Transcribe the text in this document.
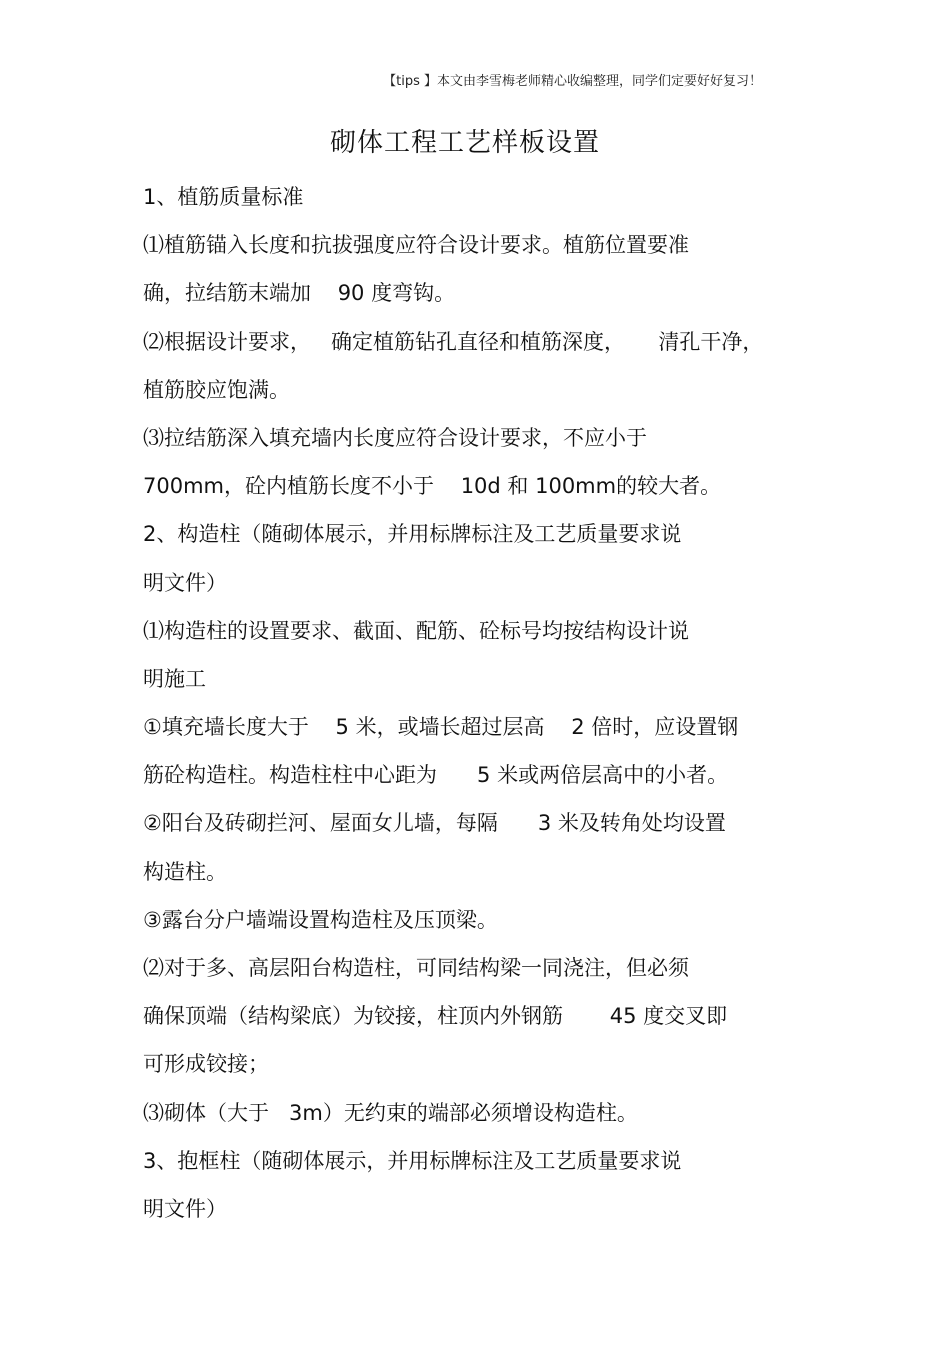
【tips 】本文由李雪梅老师精心收编整理，同学们定要好好复习！
砌体工程工艺样板设置
1、植筋质量标准
⑴植筋锚入长度和抗拔强度应符合设计要求。植筋位置要准
确，拉结筋末端加    90 度弯钩。
⑵根据设计要求，   确定植筋钻孔直径和植筋深度，     清孔干净，
植筋胶应饱满。
⑶拉结筋深入填充墙内长度应符合设计要求，不应小于
700mm，砼内植筋长度不小于    10d 和 100mm的较大者。
2、构造柱（随砌体展示，并用标牌标注及工艺质量要求说
明文件）
⑴构造柱的设置要求、截面、配筋、砼标号均按结构设计说
明施工
①填充墙长度大于    5 米，或墙长超过层高    2 倍时，应设置钢
筋砼构造柱。构造柱柱中心距为      5 米或两倍层高中的小者。
②阳台及砖砌拦河、屋面女儿墙，每隔      3 米及转角处均设置
构造柱。
③露台分户墙端设置构造柱及压顶梁。
⑵对于多、高层阳台构造柱，可同结构梁一同浇注，但必须
确保顶端（结构梁底）为铰接，柱顶内外钢筋       45 度交叉即
可形成铰接；
⑶砌体（大于   3m）无约束的端部必须增设构造柱。
3、抱框柱（随砌体展示，并用标牌标注及工艺质量要求说
明文件）
